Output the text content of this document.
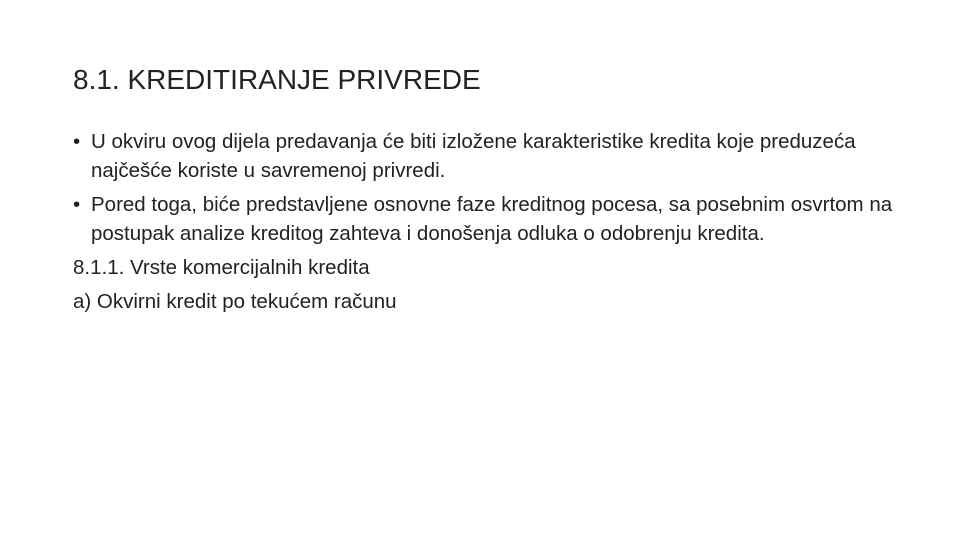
8.1. KREDITIRANJE PRIVREDE
• U okviru ovog dijela predavanja će biti izložene karakteristike kredita koje preduzeća najčešće koriste u savremenoj privredi.
• Pored toga, biće predstavljene osnovne faze kreditnog pocesa, sa posebnim osvrtom na postupak analize kreditog zahteva i donošenja odluka o odobrenju kredita.
8.1.1. Vrste komercijalnih kredita
a) Okvirni kredit po tekućem računu
